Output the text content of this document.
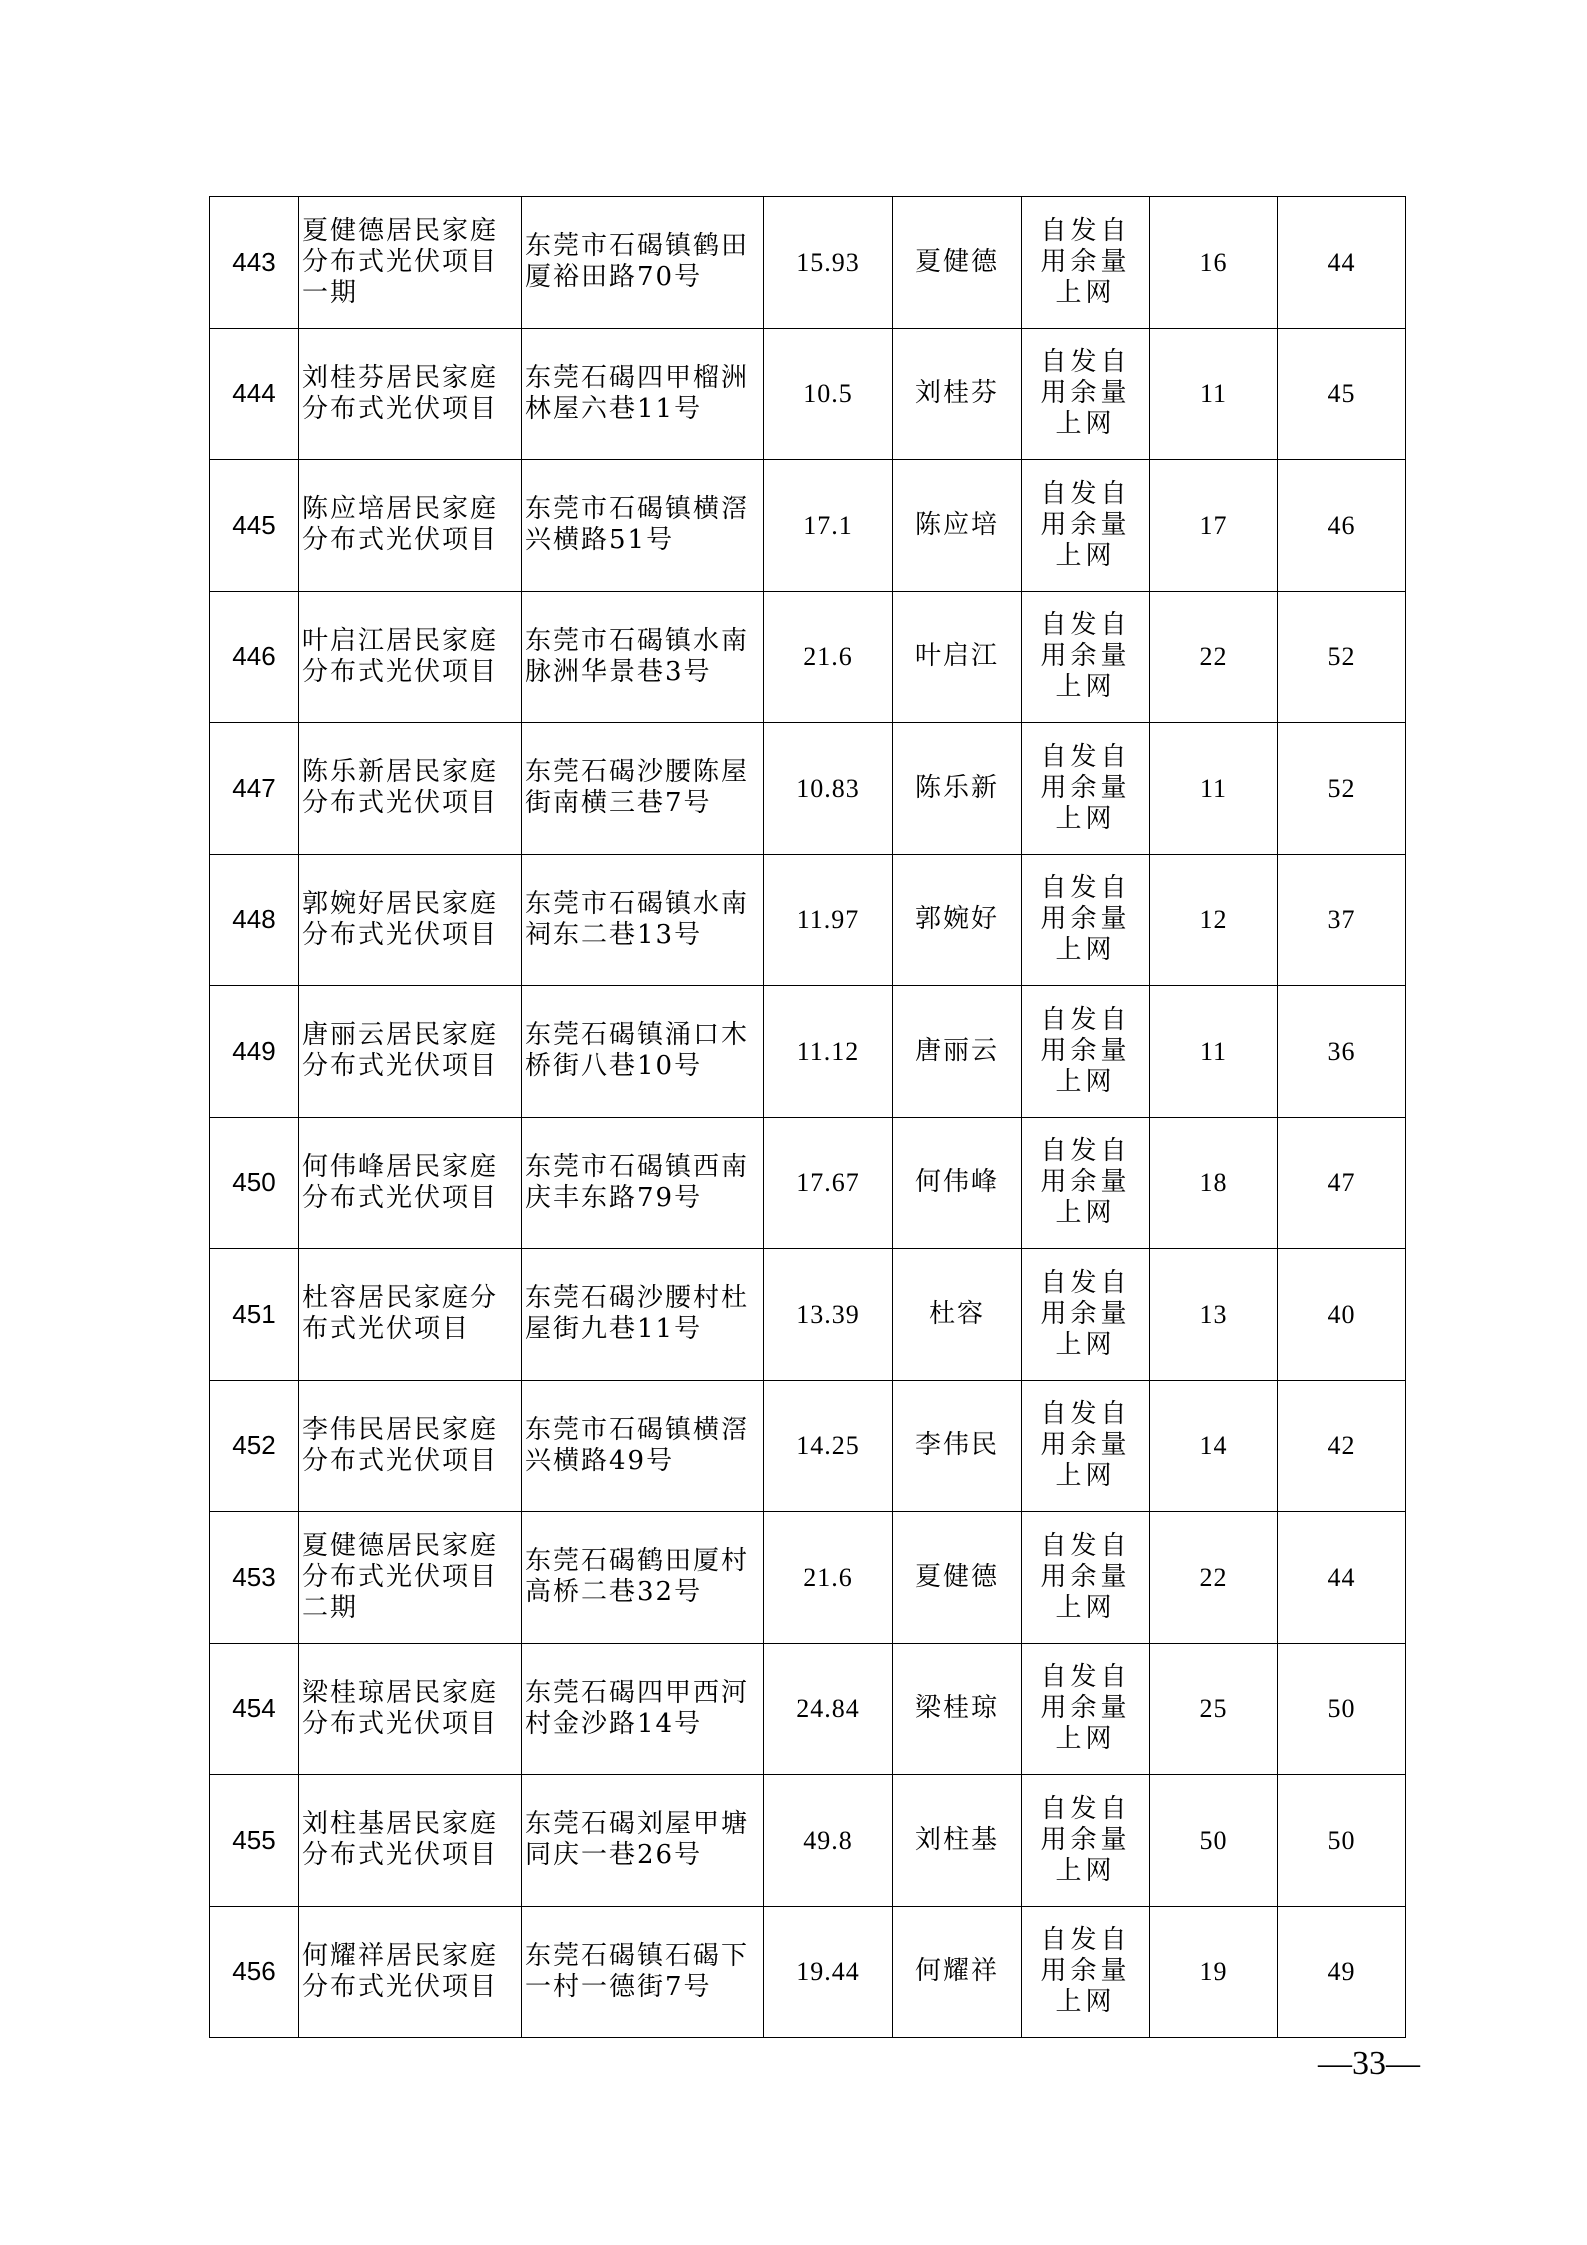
443	夏健德居民家庭分布式光伏项目一期	东莞市石碣镇鹤田厦裕田路70号	15.93	夏健德	自发自用余量上网	16	44
444	刘桂芬居民家庭分布式光伏项目	东莞石碣四甲榴洲林屋六巷11号	10.5	刘桂芬	自发自用余量上网	11	45
445	陈应培居民家庭分布式光伏项目	东莞市石碣镇横滘兴横路51号	17.1	陈应培	自发自用余量上网	17	46
446	叶启江居民家庭分布式光伏项目	东莞市石碣镇水南脉洲华景巷3号	21.6	叶启江	自发自用余量上网	22	52
447	陈乐新居民家庭分布式光伏项目	东莞石碣沙腰陈屋街南横三巷7号	10.83	陈乐新	自发自用余量上网	11	52
448	郭婉好居民家庭分布式光伏项目	东莞市石碣镇水南祠东二巷13号	11.97	郭婉好	自发自用余量上网	12	37
449	唐丽云居民家庭分布式光伏项目	东莞石碣镇涌口木桥街八巷10号	11.12	唐丽云	自发自用余量上网	11	36
450	何伟峰居民家庭分布式光伏项目	东莞市石碣镇西南庆丰东路79号	17.67	何伟峰	自发自用余量上网	18	47
451	杜容居民家庭分布式光伏项目	东莞石碣沙腰村杜屋街九巷11号	13.39	杜容	自发自用余量上网	13	40
452	李伟民居民家庭分布式光伏项目	东莞市石碣镇横滘兴横路49号	14.25	李伟民	自发自用余量上网	14	42
453	夏健德居民家庭分布式光伏项目二期	东莞石碣鹤田厦村高桥二巷32号	21.6	夏健德	自发自用余量上网	22	44
454	梁桂琼居民家庭分布式光伏项目	东莞石碣四甲西河村金沙路14号	24.84	梁桂琼	自发自用余量上网	25	50
455	刘柱基居民家庭分布式光伏项目	东莞石碣刘屋甲塘同庆一巷26号	49.8	刘柱基	自发自用余量上网	50	50
456	何耀祥居民家庭分布式光伏项目	东莞石碣镇石碣下一村一德街7号	19.44	何耀祥	自发自用余量上网	19	49
—33—
